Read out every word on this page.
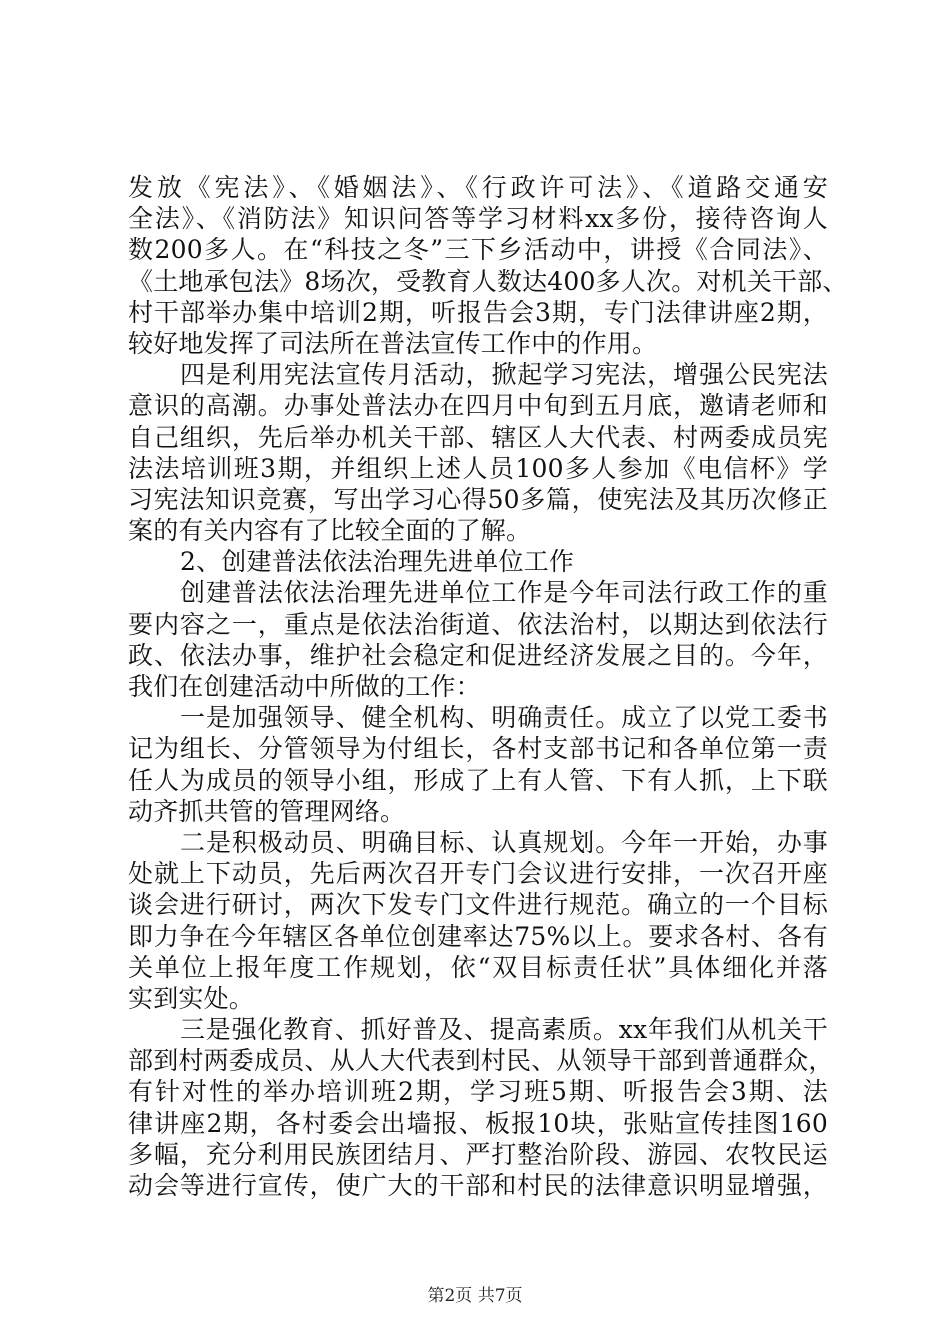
发放《宪法》、《婚姻法》、《行政许可法》、《道路交通安
全法》、《消防法》知识问答等学习材料xx多份，接待咨询人
数200多人。在“科技之冬”三下乡活动中，讲授《合同法》、
《土地承包法》8场次，受教育人数达400多人次。对机关干部、
村干部举办集中培训2期，听报告会3期，专门法律讲座2期，
较好地发挥了司法所在普法宣传工作中的作用。
四是利用宪法宣传月活动，掀起学习宪法，增强公民宪法
意识的高潮。办事处普法办在四月中旬到五月底，邀请老师和
自己组织，先后举办机关干部、辖区人大代表、村两委成员宪
法法培训班3期，并组织上述人员100多人参加《电信杯》学
习宪法知识竞赛，写出学习心得50多篇，使宪法及其历次修正
案的有关内容有了比较全面的了解。
2、创建普法依法治理先进单位工作
创建普法依法治理先进单位工作是今年司法行政工作的重
要内容之一，重点是依法治街道、依法治村，以期达到依法行
政、依法办事，维护社会稳定和促进经济发展之目的。今年，
我们在创建活动中所做的工作：
一是加强领导、健全机构、明确责任。成立了以党工委书
记为组长、分管领导为付组长，各村支部书记和各单位第一责
任人为成员的领导小组，形成了上有人管、下有人抓，上下联
动齐抓共管的管理网络。
二是积极动员、明确目标、认真规划。今年一开始，办事
处就上下动员，先后两次召开专门会议进行安排，一次召开座
谈会进行研讨，两次下发专门文件进行规范。确立的一个目标
即力争在今年辖区各单位创建率达75%以上。要求各村、各有
关单位上报年度工作规划，依“双目标责任状”具体细化并落
实到实处。
三是强化教育、抓好普及、提高素质。xx年我们从机关干
部到村两委成员、从人大代表到村民、从领导干部到普通群众，
有针对性的举办培训班2期，学习班5期、听报告会3期、法
律讲座2期，各村委会出墙报、板报10块，张贴宣传挂图160
多幅，充分利用民族团结月、严打整治阶段、游园、农牧民运
动会等进行宣传，使广大的干部和村民的法律意识明显增强，
第2页 共7页
